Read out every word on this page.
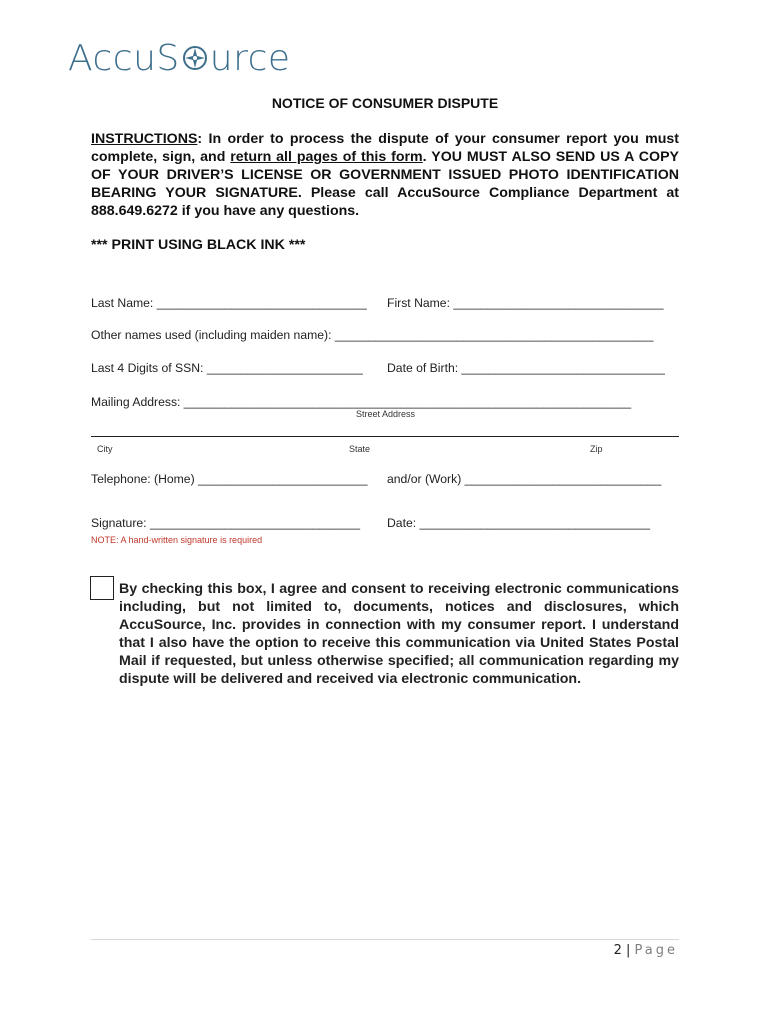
AccuS urce
NOTICE OF CONSUMER DISPUTE
INSTRUCTIONS: In order to process the dispute of your consumer report you must complete, sign, and return all pages of this form. YOU MUST ALSO SEND US A COPY OF YOUR DRIVER’S LICENSE OR GOVERNMENT ISSUED PHOTO IDENTIFICATION BEARING YOUR SIGNATURE. Please call AccuSource Compliance Department at 888.649.6272 if you have any questions.
*** PRINT USING BLACK INK ***
Last Name: _______________________________ First Name: _______________________________
Other names used (including maiden name): _______________________________________________
Last 4 Digits of SSN: _______________________ Date of Birth: ______________________________
Mailing Address: __________________________________________________________________
Street Address
City	State	Zip
Telephone: (Home) _________________________ and/or (Work) _____________________________
Signature: _______________________________ Date: __________________________________
NOTE: A hand-written signature is required
By checking this box, I agree and consent to receiving electronic communications including, but not limited to, documents, notices and disclosures, which AccuSource, Inc. provides in connection with my consumer report. I understand that I also have the option to receive this communication via United States Postal Mail if requested, but unless otherwise specified; all communication regarding my dispute will be delivered and received via electronic communication.
2 | Page
